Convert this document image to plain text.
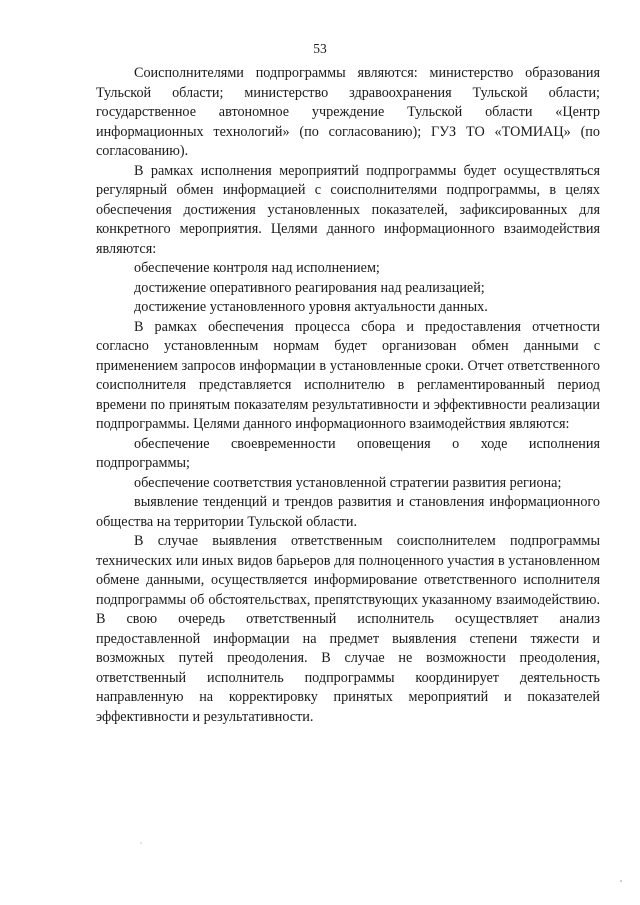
53

Соисполнителями подпрограммы являются: министерство образования Тульской области; министерство здравоохранения Тульской области; государственное автономное учреждение Тульской области «Центр информационных технологий» (по согласованию); ГУЗ ТО «ТОМИАЦ» (по согласованию).

В рамках исполнения мероприятий подпрограммы будет осуществляться регулярный обмен информацией с соисполнителями подпрограммы, в целях обеспечения достижения установленных показателей, зафиксированных для конкретного мероприятия. Целями данного информационного взаимодействия являются:

обеспечение контроля над исполнением;

достижение оперативного реагирования над реализацией;

достижение установленного уровня актуальности данных.

В рамках обеспечения процесса сбора и предоставления отчетности согласно установленным нормам будет организован обмен данными с применением запросов информации в установленные сроки. Отчет ответственного соисполнителя представляется исполнителю в регламентированный период времени по принятым показателям результативности и эффективности реализации подпрограммы. Целями данного информационного взаимодействия являются:

обеспечение своевременности оповещения о ходе исполнения подпрограммы;

обеспечение соответствия установленной стратегии развития региона;

выявление тенденций и трендов развития и становления информационного общества на территории Тульской области.

В случае выявления ответственным соисполнителем подпрограммы технических или иных видов барьеров для полноценного участия в установленном обмене данными, осуществляется информирование ответственного исполнителя подпрограммы об обстоятельствах, препятствующих указанному взаимодействию. В свою очередь ответственный исполнитель осуществляет анализ предоставленной информации на предмет выявления степени тяжести и возможных путей преодоления. В случае не возможности преодоления, ответственный исполнитель подпрограммы координирует деятельность направленную на корректировку принятых мероприятий и показателей эффективности и результативности.
